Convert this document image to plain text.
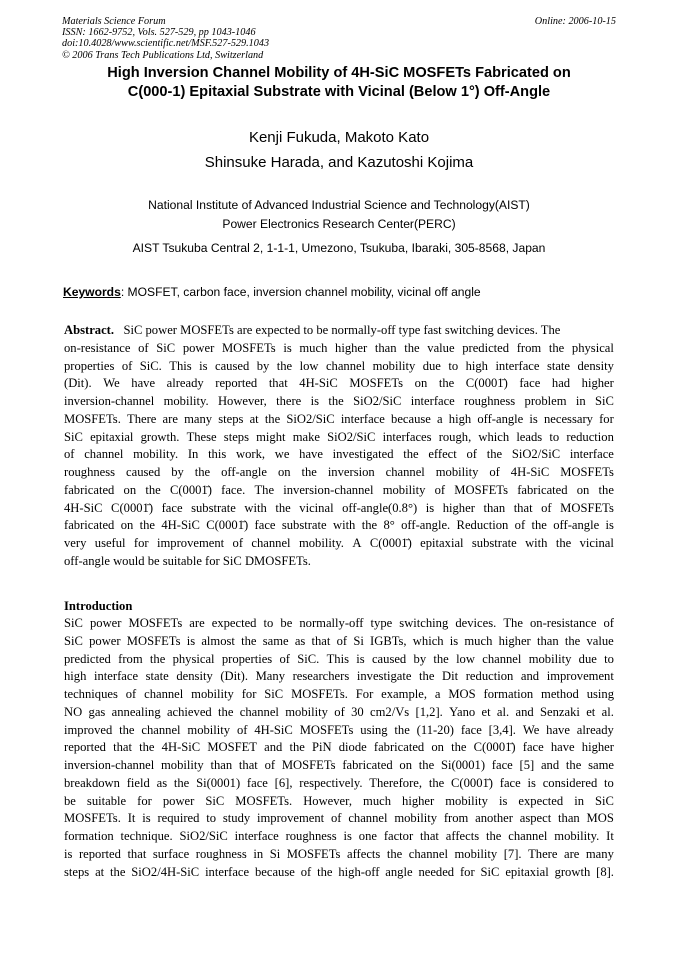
Materials Science Forum
ISSN: 1662-9752, Vols. 527-529, pp 1043-1046
doi:10.4028/www.scientific.net/MSF.527-529.1043
© 2006 Trans Tech Publications Ltd, Switzerland
Online: 2006-10-15
High Inversion Channel Mobility of 4H-SiC MOSFETs Fabricated on
C(000-1) Epitaxial Substrate with Vicinal (Below 1°) Off-Angle
Kenji Fukuda, Makoto Kato
Shinsuke Harada, and Kazutoshi Kojima
National Institute of Advanced Industrial Science and Technology(AIST)
Power Electronics Research Center(PERC)
AIST Tsukuba Central 2, 1-1-1, Umezono, Tsukuba, Ibaraki, 305-8568, Japan
Keywords: MOSFET, carbon face, inversion channel mobility, vicinal off angle
Abstract.   SiC power MOSFETs are expected to be normally-off type fast switching devices. The
on-resistance of SiC power MOSFETs is much higher than the value predicted from the physical
properties of SiC. This is caused by the low channel mobility due to high interface state density
(Dit). We have already reported that 4H-SiC MOSFETs on the C(0001̄) face had higher
inversion-channel mobility. However, there is the SiO2/SiC interface roughness problem in SiC
MOSFETs. There are many steps at the SiO2/SiC interface because a high off-angle is necessary for
SiC epitaxial growth. These steps might make SiO2/SiC interfaces rough, which leads to reduction
of channel mobility. In this work, we have investigated the effect of the SiO2/SiC interface
roughness caused by the off-angle on the inversion channel mobility of 4H-SiC MOSFETs
fabricated on the C(0001̄) face. The inversion-channel mobility of MOSFETs fabricated on the
4H-SiC C(0001̄) face substrate with the vicinal off-angle(0.8°) is higher than that of MOSFETs
fabricated on the 4H-SiC C(0001̄) face substrate with the 8° off-angle. Reduction of the off-angle is
very useful for improvement of channel mobility. A C(0001̄) epitaxial substrate with the vicinal
off-angle would be suitable for SiC DMOSFETs.
Introduction
SiC power MOSFETs are expected to be normally-off type switching devices. The on-resistance of
SiC power MOSFETs is almost the same as that of Si IGBTs, which is much higher than the value
predicted from the physical properties of SiC. This is caused by the low channel mobility due to
high interface state density (Dit). Many researchers investigate the Dit reduction and improvement
techniques of channel mobility for SiC MOSFETs. For example, a MOS formation method using
NO gas annealing achieved the channel mobility of 30 cm2/Vs [1,2]. Yano et al. and Senzaki et al.
improved the channel mobility of 4H-SiC MOSFETs using the (11-20) face [3,4]. We have already
reported that the 4H-SiC MOSFET and the PiN diode fabricated on the C(0001̄) face have higher
inversion-channel mobility than that of MOSFETs fabricated on the Si(0001) face [5] and the same
breakdown field as the Si(0001) face [6], respectively. Therefore, the C(0001̄) face is considered to
be suitable for power SiC MOSFETs. However, much higher mobility is expected in SiC
MOSFETs. It is required to study improvement of channel mobility from another aspect than MOS
formation technique. SiO2/SiC interface roughness is one factor that affects the channel mobility. It
is reported that surface roughness in Si MOSFETs affects the channel mobility [7]. There are many
steps at the SiO2/4H-SiC interface because of the high-off angle needed for SiC epitaxial growth [8].
